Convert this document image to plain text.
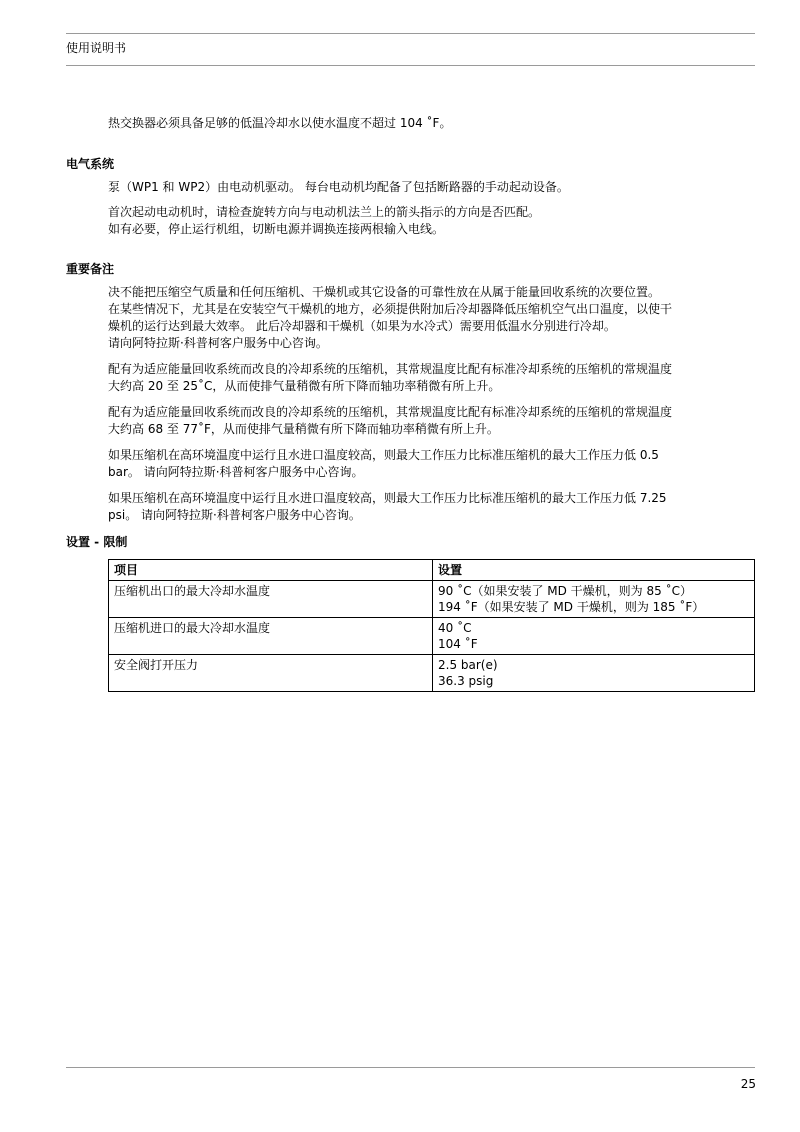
使用说明书

热交换器必须具备足够的低温冷却水以使水温度不超过 104 ˚F。

电气系统

泵（WP1 和 WP2）由电动机驱动。 每台电动机均配备了包括断路器的手动起动设备。

首次起动电动机时，请检查旋转方向与电动机法兰上的箭头指示的方向是否匹配。

如有必要，停止运行机组，切断电源并调换连接两根输入电线。

重要备注

决不能把压缩空气质量和任何压缩机、干燥机或其它设备的可靠性放在从属于能量回收系统的次要位置。

在某些情况下，尤其是在安装空气干燥机的地方，必须提供附加后冷却器降低压缩机空气出口温度，以使干

燥机的运行达到最大效率。 此后冷却器和干燥机（如果为水冷式）需要用低温水分别进行冷却。

请向阿特拉斯·科普柯客户服务中心咨询。

配有为适应能量回收系统而改良的冷却系统的压缩机，其常规温度比配有标准冷却系统的压缩机的常规温度

大约高 20 至 25˚C，从而使排气量稍微有所下降而轴功率稍微有所上升。

配有为适应能量回收系统而改良的冷却系统的压缩机，其常规温度比配有标准冷却系统的压缩机的常规温度

大约高 68 至 77˚F，从而使排气量稍微有所下降而轴功率稍微有所上升。

如果压缩机在高环境温度中运行且水进口温度较高，则最大工作压力比标准压缩机的最大工作压力低 0.5

bar。 请向阿特拉斯·科普柯客户服务中心咨询。

如果压缩机在高环境温度中运行且水进口温度较高，则最大工作压力比标准压缩机的最大工作压力低 7.25

psi。 请向阿特拉斯·科普柯客户服务中心咨询。

设置 - 限制
项目	设置
压缩机出口的最大冷却水温度	90 ˚C（如果安装了 MD 干燥机，则为 85 ˚C）
194 ˚F（如果安装了 MD 干燥机，则为 185 ˚F）

压缩机进口的最大冷却水温度	40 ˚C
104 ˚F

安全阀打开压力	2.5 bar(e)
36.3 psig
25
